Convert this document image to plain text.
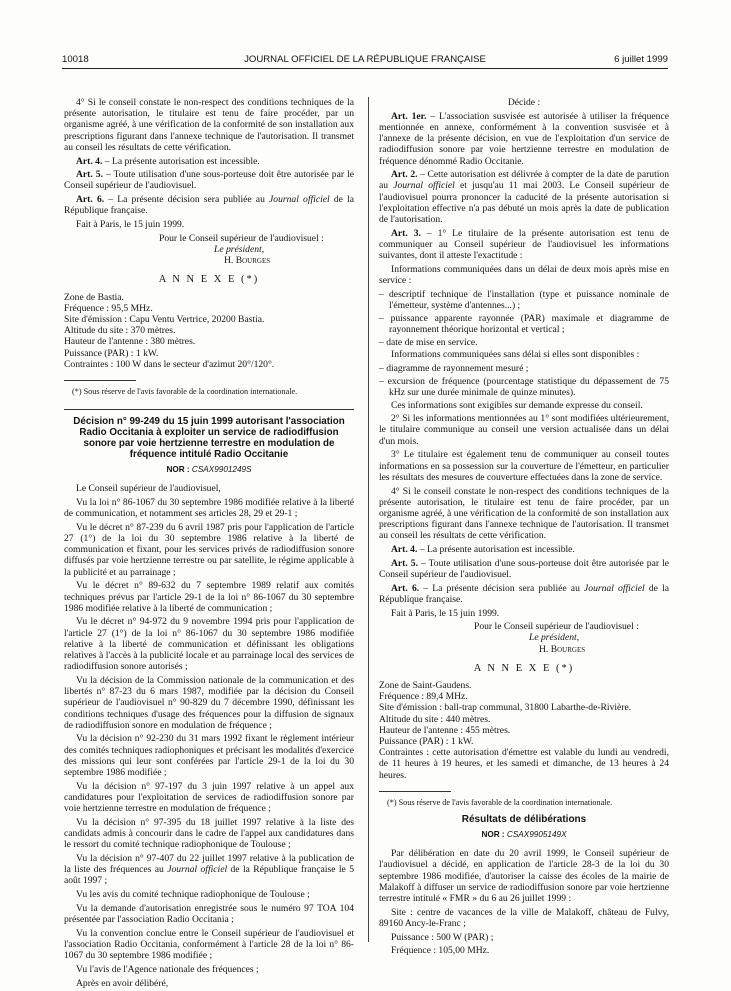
10018	JOURNAL OFFICIEL DE LA RÉPUBLIQUE FRANÇAISE	6 juillet 1999

4° Si le conseil constate le non-respect des conditions techniques de la présente autorisation, le titulaire est tenu de faire procéder, par un organisme agréé, à une vérification de la conformité de son installation aux prescriptions figurant dans l'annexe technique de l'autorisation. Il transmet au conseil les résultats de cette vérification.

Art. 4. – La présente autorisation est incessible.

Art. 5. – Toute utilisation d'une sous-porteuse doit être autorisée par le Conseil supérieur de l'audiovisuel.

Art. 6. – La présente décision sera publiée au Journal officiel de la République française.

Fait à Paris, le 15 juin 1999.

Pour le Conseil supérieur de l'audiovisuel :
Le président,
H. Bourges
A N N E X E (*)

Zone de Bastia.

Fréquence : 95,5 MHz.

Site d'émission : Capu Ventu Vertrice, 20200 Bastia.

Altitude du site : 370 mètres.

Hauteur de l'antenne : 380 mètres.

Puissance (PAR) : 1 kW.

Contraintes : 100 W dans le secteur d'azimut 20°/120°.

(*) Sous réserve de l'avis favorable de la coordination internationale.

Décision n° 99-249 du 15 juin 1999 autorisant l'association Radio Occitania à exploiter un service de radiodiffusion sonore par voie hertzienne terrestre en modulation de fréquence intitulé Radio Occitanie
NOR : CSAX9901249S

Le Conseil supérieur de l'audiovisuel,

Vu la loi n° 86-1067 du 30 septembre 1986 modifiée relative à la liberté de communication, et notamment ses articles 28, 29 et 29-1 ;

Vu le décret n° 87-239 du 6 avril 1987 pris pour l'application de l'article 27 (1°) de la loi du 30 septembre 1986 relative à la liberté de communication et fixant, pour les services privés de radiodiffusion sonore diffusés par voie hertzienne terrestre ou par satellite, le régime applicable à la publicité et au parrainage ;

Vu le décret n° 89-632 du 7 septembre 1989 relatif aux comités techniques prévus par l'article 29-1 de la loi n° 86-1067 du 30 septembre 1986 modifiée relative à la liberté de communication ;

Vu le décret n° 94-972 du 9 novembre 1994 pris pour l'application de l'article 27 (1°) de la loi n° 86-1067 du 30 septembre 1986 modifiée relative à la liberté de communication et définissant les obligations relatives à l'accès à la publicité locale et au parrainage local des services de radiodiffusion sonore autorisés ;

Vu la décision de la Commission nationale de la communication et des libertés n° 87-23 du 6 mars 1987, modifiée par la décision du Conseil supérieur de l'audiovisuel n° 90-829 du 7 décembre 1990, définissant les conditions techniques d'usage des fréquences pour la diffusion de signaux de radiodiffusion sonore en modulation de fréquence ;

Vu la décision n° 92-230 du 31 mars 1992 fixant le règlement intérieur des comités techniques radiophoniques et précisant les modalités d'exercice des missions qui leur sont conférées par l'article 29-1 de la loi du 30 septembre 1986 modifiée ;

Vu la décision n° 97-197 du 3 juin 1997 relative à un appel aux candidatures pour l'exploitation de services de radiodiffusion sonore par voie hertzienne terrestre en modulation de fréquence ;

Vu la décision n° 97-395 du 18 juillet 1997 relative à la liste des candidats admis à concourir dans le cadre de l'appel aux candidatures dans le ressort du comité technique radiophonique de Toulouse ;

Vu la décision n° 97-407 du 22 juillet 1997 relative à la publication de la liste des fréquences au Journal officiel de la République française le 5 août 1997 ;

Vu les avis du comité technique radiophonique de Toulouse ;

Vu la demande d'autorisation enregistrée sous le numéro 97 TOA 104 présentée par l'association Radio Occitania ;

Vu la convention conclue entre le Conseil supérieur de l'audiovisuel et l'association Radio Occitania, conformément à l'article 28 de la loi n° 86-1067 du 30 septembre 1986 modifiée ;

Vu l'avis de l'Agence nationale des fréquences ;

Après en avoir délibéré,

Décide :

Art. 1er. – L'association susvisée est autorisée à utiliser la fréquence mentionnée en annexe, conformément à la convention susvisée et à l'annexe de la présente décision, en vue de l'exploitation d'un service de radiodiffusion sonore par voie hertzienne terrestre en modulation de fréquence dénommé Radio Occitanie.

Art. 2. – Cette autorisation est délivrée à compter de la date de parution au Journal officiel et jusqu'au 11 mai 2003. Le Conseil supérieur de l'audiovisuel pourra prononcer la caducité de la présente autorisation si l'exploitation effective n'a pas débuté un mois après la date de publication de l'autorisation.

Art. 3. – 1° Le titulaire de la présente autorisation est tenu de communiquer au Conseil supérieur de l'audiovisuel les informations suivantes, dont il atteste l'exactitude :

Informations communiquées dans un délai de deux mois après mise en service :

– descriptif technique de l'installation (type et puissance nominale de l'émetteur, système d'antennes...) ;
– puissance apparente rayonnée (PAR) maximale et diagramme de rayonnement théorique horizontal et vertical ;
– date de mise en service.

Informations communiquées sans délai si elles sont disponibles :

– diagramme de rayonnement mesuré ;
– excursion de fréquence (pourcentage statistique du dépassement de 75 kHz sur une durée minimale de quinze minutes).

Ces informations sont exigibles sur demande expresse du conseil.

2° Si les informations mentionnées au 1° sont modifiées ultérieurement, le titulaire communique au conseil une version actualisée dans un délai d'un mois.

3° Le titulaire est également tenu de communiquer au conseil toutes informations en sa possession sur la couverture de l'émetteur, en particulier les résultats des mesures de couverture effectuées dans la zone de service.

4° Si le conseil constate le non-respect des conditions techniques de la présente autorisation, le titulaire est tenu de faire procéder, par un organisme agréé, à une vérification de la conformité de son installation aux prescriptions figurant dans l'annexe technique de l'autorisation. Il transmet au conseil les résultats de cette vérification.

Art. 4. – La présente autorisation est incessible.

Art. 5. – Toute utilisation d'une sous-porteuse doit être autorisée par le Conseil supérieur de l'audiovisuel.

Art. 6. – La présente décision sera publiée au Journal officiel de la République française.

Fait à Paris, le 15 juin 1999.

Pour le Conseil supérieur de l'audiovisuel :
Le président,
H. Bourges
A N N E X E (*)

Zone de Saint-Gaudens.

Fréquence : 89,4 MHz.

Site d'émission : ball-trap communal, 31800 Labarthe-de-Rivière.

Altitude du site : 440 mètres.

Hauteur de l'antenne : 455 mètres.

Puissance (PAR) : 1 kW.

Contraintes : cette autorisation d'émettre est valable du lundi au vendredi, de 11 heures à 19 heures, et les samedi et dimanche, de 13 heures à 24 heures.

(*) Sous réserve de l'avis favorable de la coordination internationale.

Résultats de délibérations
NOR : CSAX9905149X

Par délibération en date du 20 avril 1999, le Conseil supérieur de l'audiovisuel a décidé, en application de l'article 28-3 de la loi du 30 septembre 1986 modifiée, d'autoriser la caisse des écoles de la mairie de Malakoff à diffuser un service de radiodiffusion sonore par voie hertzienne terrestre intitulé « FMR » du 6 au 26 juillet 1999 :

Site : centre de vacances de la ville de Malakoff, château de Fulvy, 89160 Ancy-le-Franc ;

Puissance : 500 W (PAR) ;

Fréquence : 105,00 MHz.
